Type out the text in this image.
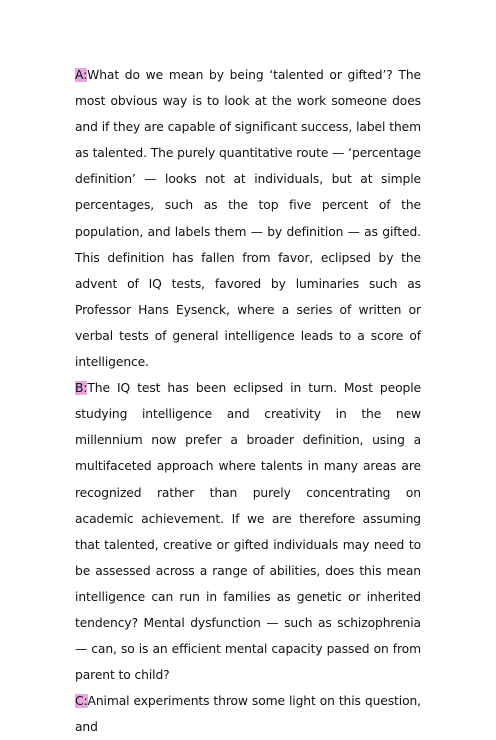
A:What do we mean by being ‘talented or gifted’? The most obvious way is to look at the work someone does and if they are capable of significant success, label them as talented. The purely quantitative route — ‘percentage definition’ — looks not at individuals, but at simple percentages, such as the top five percent of the population, and labels them — by definition — as gifted. This definition has fallen from favor, eclipsed by the advent of IQ tests, favored by luminaries such as Professor Hans Eysenck, where a series of written or verbal tests of general intelligence leads to a score of intelligence.

B:The IQ test has been eclipsed in turn. Most people studying intelligence and creativity in the new millennium now prefer a broader definition, using a multifaceted approach where talents in many areas are recognized rather than purely concentrating on academic achievement. If we are therefore assuming that talented, creative or gifted individuals may need to be assessed across a range of abilities, does this mean intelligence can run in families as genetic or inherited tendency? Mental dysfunction — such as schizophrenia — can, so is an efficient mental capacity passed on from parent to child?

C:Animal experiments throw some light on this question, and
